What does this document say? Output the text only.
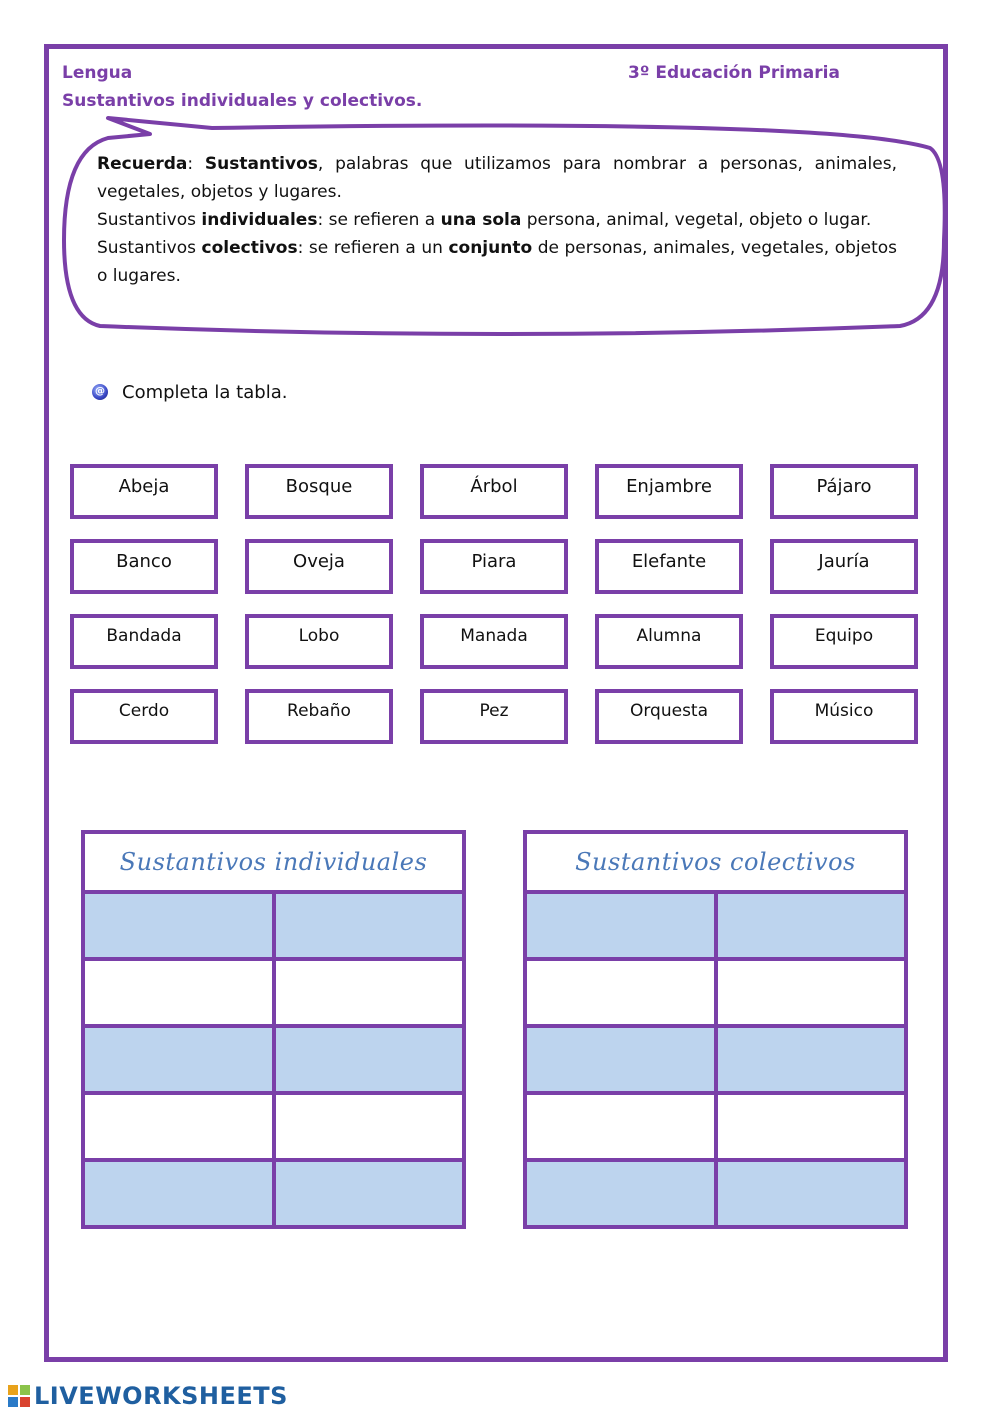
Lengua	3º Educación Primaria
Sustantivos individuales y colectivos.
Recuerda: Sustantivos, palabras que utilizamos para nombrar a personas, animales, vegetales, objetos y lugares.
Sustantivos individuales: se refieren a una sola persona, animal, vegetal, objeto o lugar.
Sustantivos colectivos: se refieren a un conjunto de personas, animales, vegetales, objetos o lugares.
@ Completa la tabla.
Abeja	Bosque	Árbol	Enjambre	Pájaro
Banco	Oveja	Piara	Elefante	Jauría
Bandada	Lobo	Manada	Alumna	Equipo
Cerdo	Rebaño	Pez	Orquesta	Músico
Sustantivos individuales	Sustantivos colectivos
LIVEWORKSHEETS
